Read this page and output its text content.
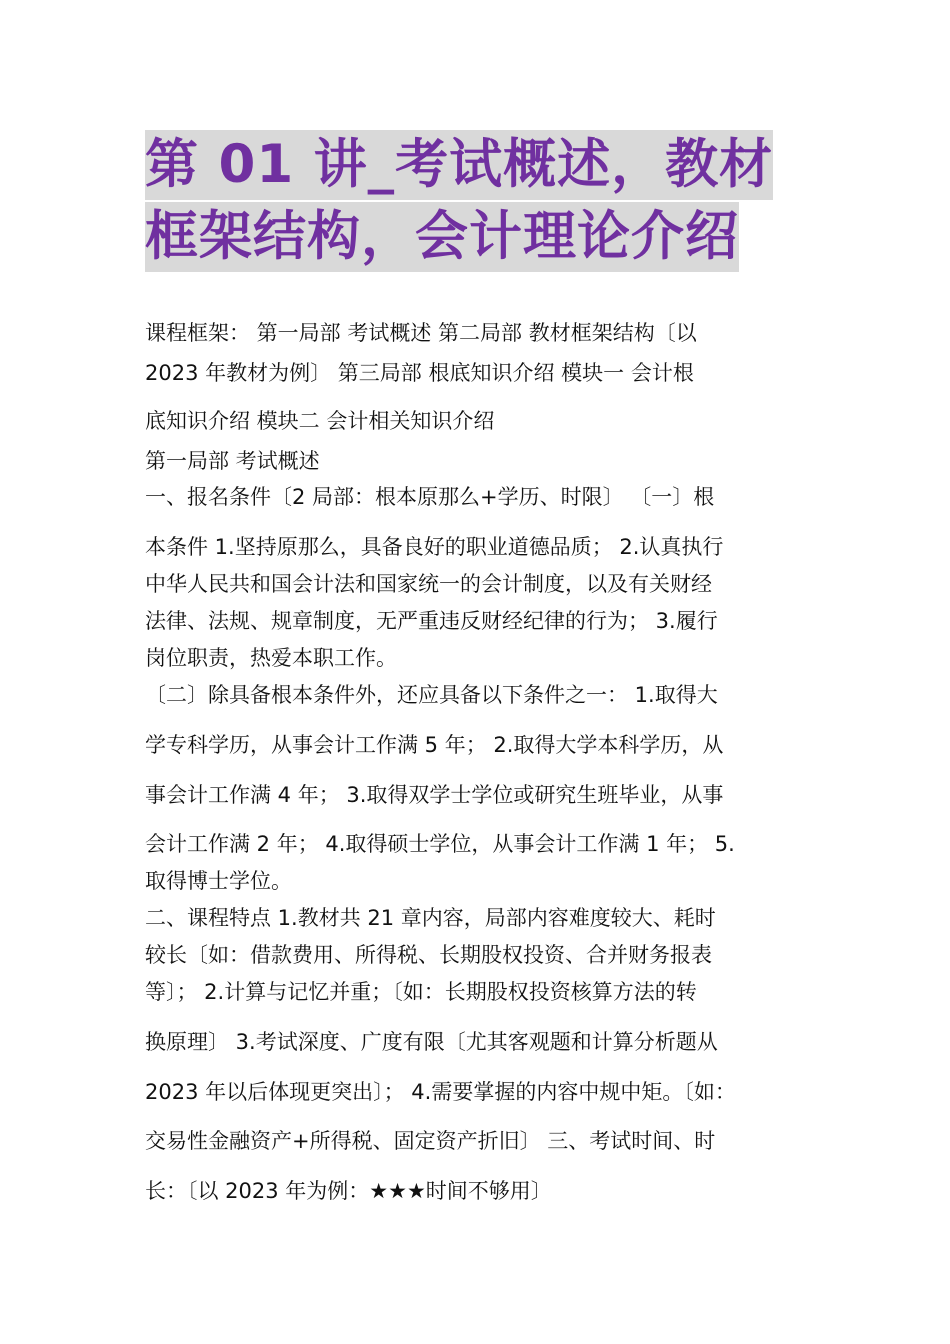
第 01 讲_考试概述，教材
框架结构，会计理论介绍
课程框架： 第一局部 考试概述 第二局部 教材框架结构〔以
2023 年教材为例〕 第三局部 根底知识介绍 模块一 会计根
底知识介绍 模块二 会计相关知识介绍
第一局部 考试概述
一、报名条件〔2 局部：根本原那么+学历、时限〕 〔一〕根
本条件 1.坚持原那么，具备良好的职业道德品质； 2.认真执行
中华人民共和国会计法和国家统一的会计制度，以及有关财经
法律、法规、规章制度，无严重违反财经纪律的行为； 3.履行
岗位职责，热爱本职工作。
〔二〕除具备根本条件外，还应具备以下条件之一： 1.取得大
学专科学历，从事会计工作满 5 年； 2.取得大学本科学历，从
事会计工作满 4 年； 3.取得双学士学位或研究生班毕业，从事
会计工作满 2 年； 4.取得硕士学位，从事会计工作满 1 年； 5.
取得博士学位。
二、课程特点 1.教材共 21 章内容，局部内容难度较大、耗时
较长〔如：借款费用、所得税、长期股权投资、合并财务报表
等〕； 2.计算与记忆并重；〔如：长期股权投资核算方法的转
换原理〕 3.考试深度、广度有限〔尤其客观题和计算分析题从
2023 年以后体现更突出〕； 4.需要掌握的内容中规中矩。〔如：
交易性金融资产+所得税、固定资产折旧〕 三、考试时间、时
长：〔以 2023 年为例：★★★时间不够用〕
